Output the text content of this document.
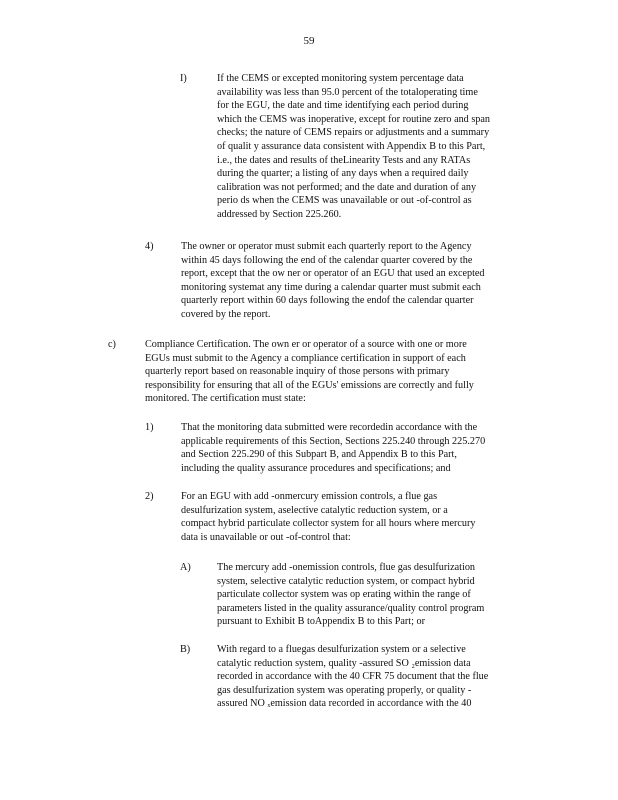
59
I)	If the CEMS or excepted monitoring system percentage data

availability was less than 95.0 percent of the totaloperating time

for the EGU, the date and time identifying each period during

which the CEMS was inoperative, except for routine zero and span

checks; the nature of CEMS repairs or adjustments and a summary

of qualit y assurance data consistent with Appendix B to this Part,

i.e., the dates and results of theLinearity Tests and any RATAs

during the quarter; a listing of any days when a required daily

calibration was not performed; and the date and duration of any

perio ds when the CEMS was unavailable or out -of-control as

addressed by Section 225.260.

4)	The owner or operator must submit each quarterly report to the Agency

within 45 days following the end of the calendar quarter covered by the

report, except that the ow ner or operator of an EGU that used an excepted

monitoring systemat any time during a calendar quarter must submit each

quarterly report within 60 days following the endof the calendar quarter

covered by the report.

c)	Compliance Certification. The own er or operator of a source with one or more

EGUs must submit to the Agency a compliance certification in support of each

quarterly report based on reasonable inquiry of those persons with primary

responsibility for ensuring that all of the EGUs' emissions are correctly and fully

monitored. The certification must state:

1)	That the monitoring data submitted were recordedin accordance with the

applicable requirements of this Section, Sections 225.240 through 225.270

and Section 225.290 of this Subpart B, and Appendix B to this Part,

including the quality assurance procedures and specifications; and

2)	For an EGU with add -onmercury emission controls, a flue gas

desulfurization system, aselective catalytic reduction system, or a

compact hybrid particulate collector system for all hours where mercury

data is unavailable or out -of-control that:

A)	The mercury add -onemission controls, flue gas desulfurization

system, selective catalytic reduction system, or compact hybrid

particulate collector system was op erating within the range of

parameters listed in the quality assurance/quality control program

pursuant to Exhibit B toAppendix B to this Part; or

B)	With regard to a fluegas desulfurization system or a selective

catalytic reduction system, quality -assured SO ₂emission data

recorded in accordance with the 40 CFR 75 document that the flue

gas desulfurization system was operating properly, or quality -

assured NO ₓemission data recorded in accordance with the 40
